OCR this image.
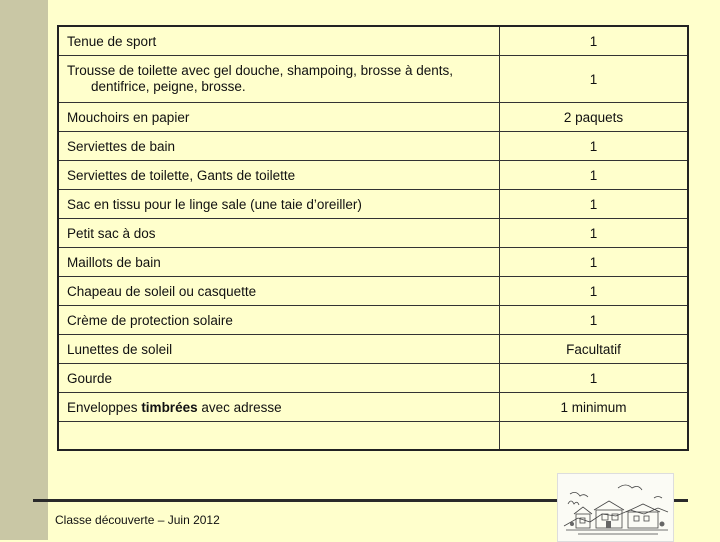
Tenue de sport	1

Trousse de toilette avec gel douche, shampoing, brosse à dents,
dentifrice, peigne, brosse.	1
Mouchoirs en papier	2 paquets
Serviettes de bain	1
Serviettes de toilette, Gants de toilette	1
Sac en tissu pour le linge sale (une taie d’oreiller)	1
Petit sac à dos	1
Maillots de bain	1
Chapeau de soleil ou casquette	1
Crème de protection solaire	1
Lunettes de soleil	Facultatif
Gourde	1
Enveloppes timbrées avec adresse	1 minimum

Classe découverte – Juin 2012
